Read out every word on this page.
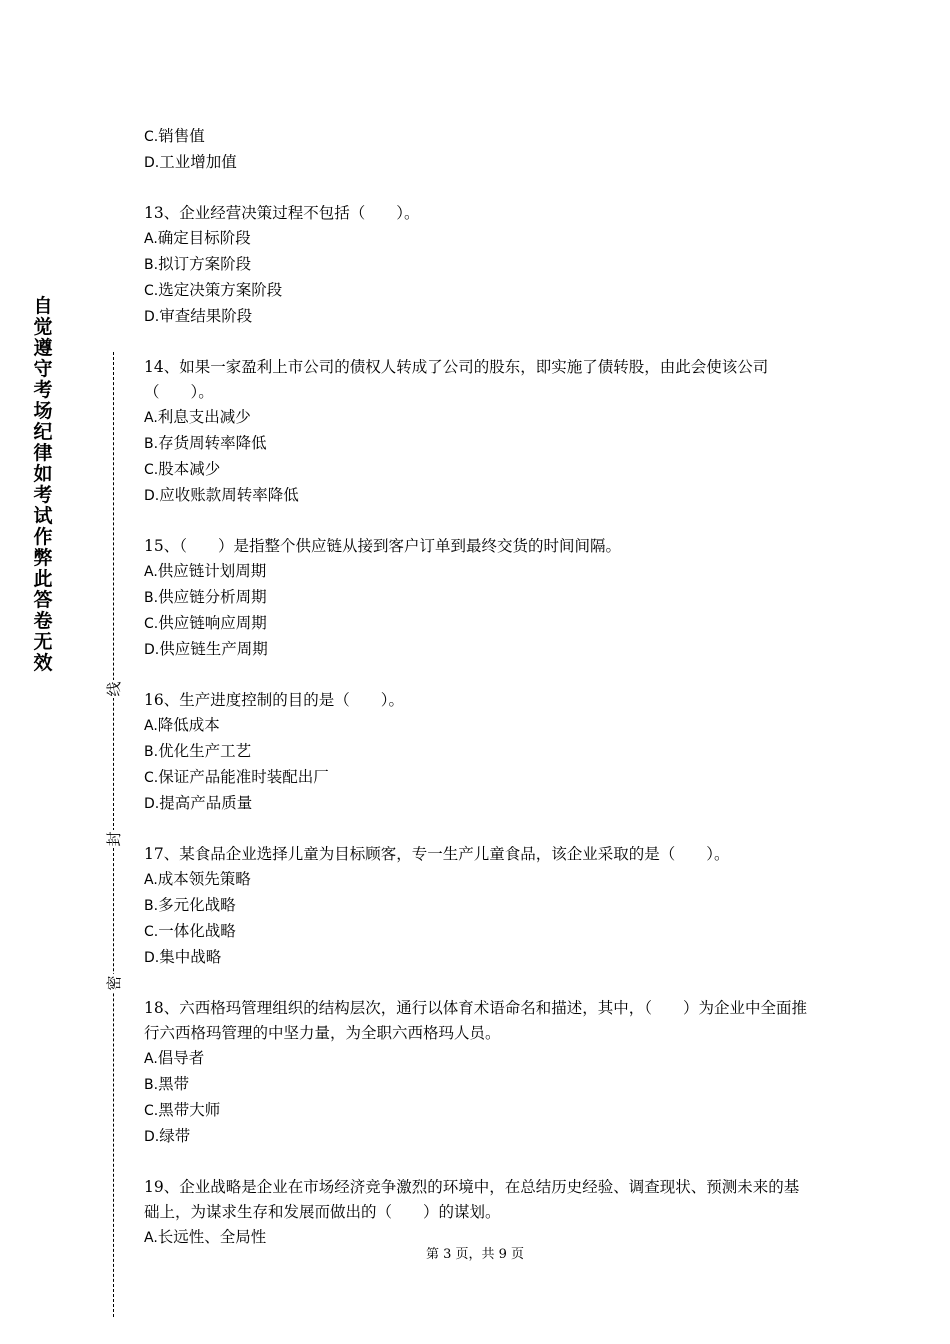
自觉遵守考场纪律如考试作弊此答卷无效
线
封
密

C.销售值

D.工业增加值

13、企业经营决策过程不包括（　　）。

A.确定目标阶段

B.拟订方案阶段

C.选定决策方案阶段

D.审查结果阶段

14、如果一家盈利上市公司的债权人转成了公司的股东，即实施了债转股，由此会使该公司（　　）。

A.利息支出减少

B.存货周转率降低

C.股本减少

D.应收账款周转率降低

15、（　　）是指整个供应链从接到客户订单到最终交货的时间间隔。

A.供应链计划周期

B.供应链分析周期

C.供应链响应周期

D.供应链生产周期

16、生产进度控制的目的是（　　）。

A.降低成本

B.优化生产工艺

C.保证产品能准时装配出厂

D.提高产品质量

17、某食品企业选择儿童为目标顾客，专一生产儿童食品，该企业采取的是（　　）。

A.成本领先策略

B.多元化战略

C.一体化战略

D.集中战略

18、六西格玛管理组织的结构层次，通行以体育术语命名和描述，其中，（　　）为企业中全面推行六西格玛管理的中坚力量，为全职六西格玛人员。

A.倡导者

B.黑带

C.黑带大师

D.绿带

19、企业战略是企业在市场经济竞争激烈的环境中，在总结历史经验、调查现状、预测未来的基础上，为谋求生存和发展而做出的（　　）的谋划。

A.长远性、全局性

第 3 页，共 9 页
